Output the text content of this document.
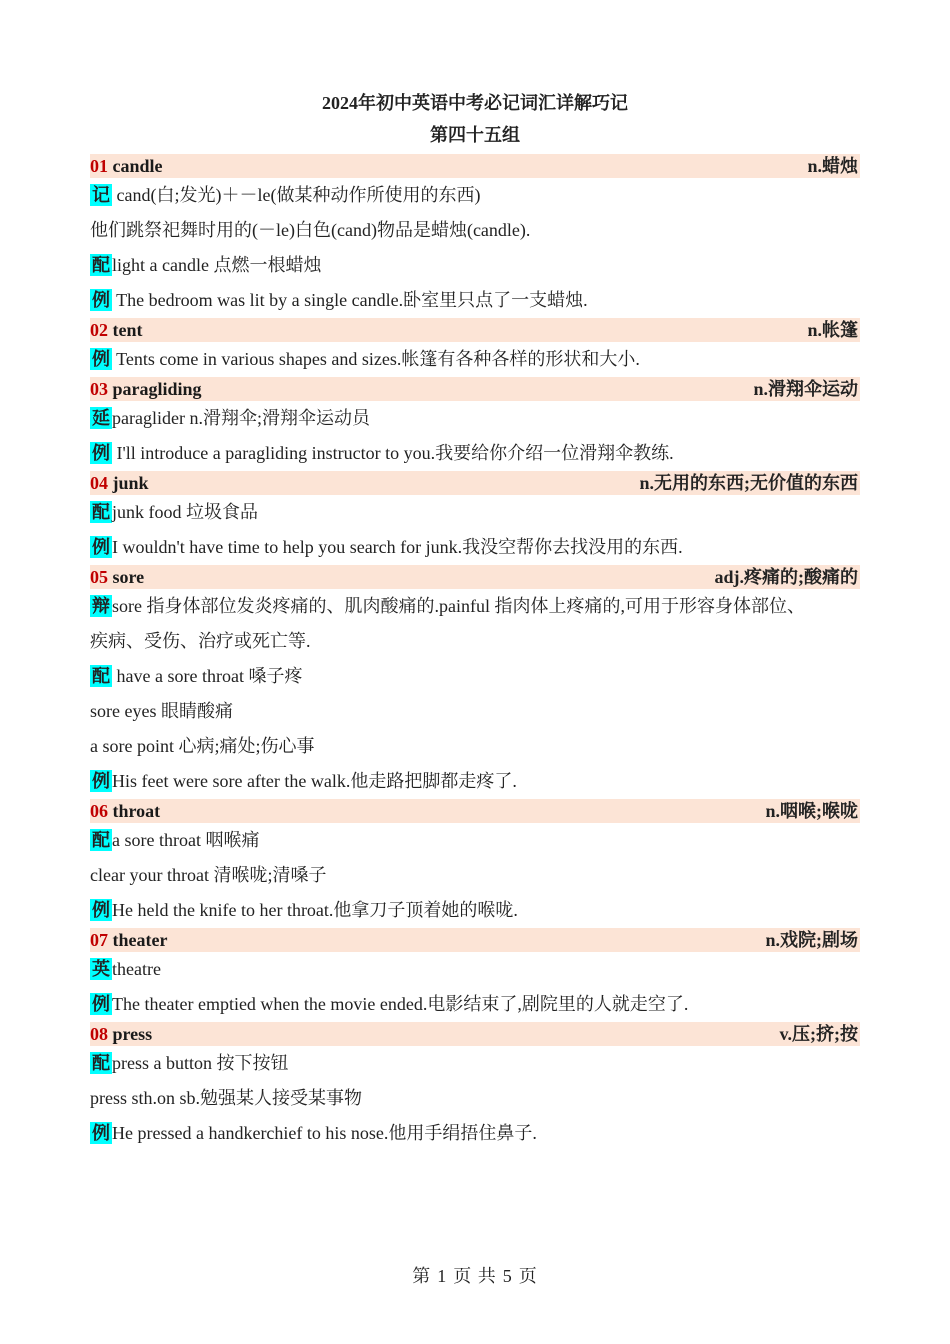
2024年初中英语中考必记词汇详解巧记
第四十五组
01 candle	n.蜡烛
记 cand(白;发光)＋－le(做某种动作所使用的东西)
他们跳祭祀舞时用的(－le)白色(cand)物品是蜡烛(candle).
配 light a candle 点燃一根蜡烛
例 The bedroom was lit by a single candle.卧室里只点了一支蜡烛.
02 tent	n.帐篷
例 Tents come in various shapes and sizes.帐篷有各种各样的形状和大小.
03 paragliding	n.滑翔伞运动
延 paraglider n.滑翔伞;滑翔伞运动员
例 I'll introduce a paragliding instructor to you.我要给你介绍一位滑翔伞教练.
04 junk	n.无用的东西;无价值的东西
配 junk food 垃圾食品
例 I wouldn't have time to help you search for junk.我没空帮你去找没用的东西.
05 sore	adj.疼痛的;酸痛的
辩 sore 指身体部位发炎疼痛的、肌肉酸痛的.painful 指肉体上疼痛的,可用于形容身体部位、
疾病、受伤、治疗或死亡等.
配 have a sore throat 嗓子疼
sore eyes 眼睛酸痛
a sore point 心病;痛处;伤心事
例 His feet were sore after the walk.他走路把脚都走疼了.
06 throat	n.咽喉;喉咙
配 a sore throat 咽喉痛
clear your throat 清喉咙;清嗓子
例 He held the knife to her throat.他拿刀子顶着她的喉咙.
07 theater	n.戏院;剧场
英 theatre
例 The theater emptied when the movie ended.电影结束了,剧院里的人就走空了.
08 press	v.压;挤;按
配 press a button 按下按钮
press sth.on sb.勉强某人接受某事物
例 He pressed a handkerchief to his nose.他用手绢捂住鼻子.
第 1 页 共 5 页
